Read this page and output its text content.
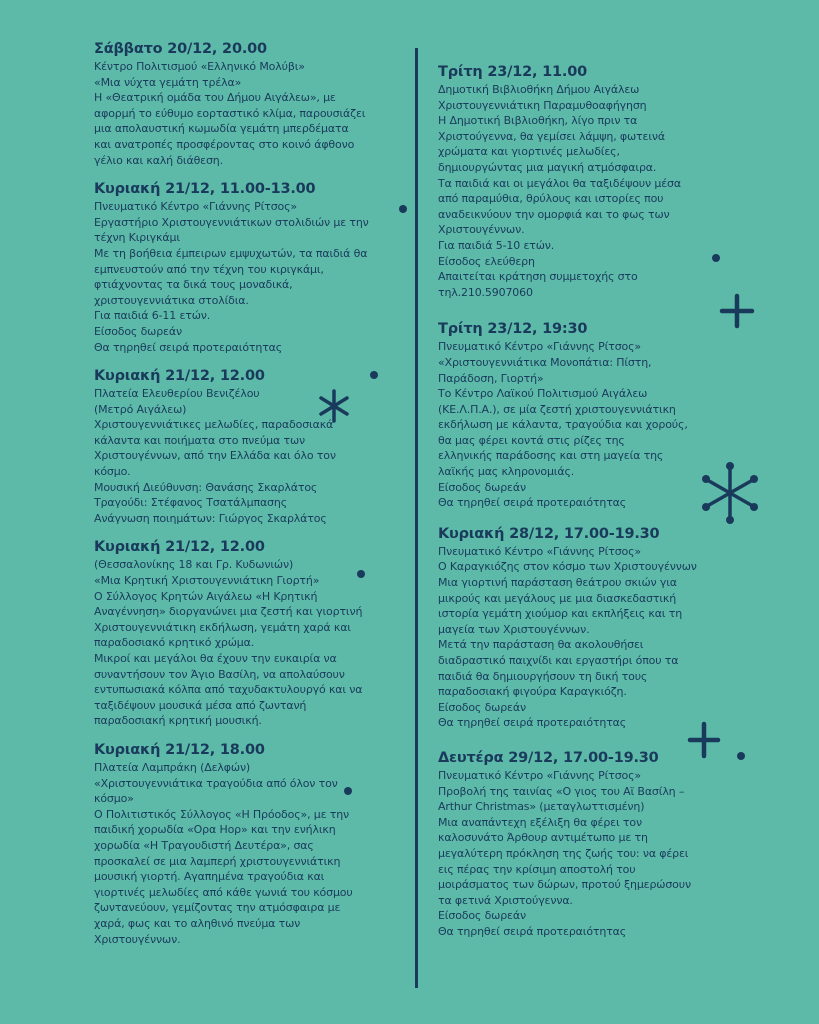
Σάββατο 20/12, 20.00
Κέντρο Πολιτισμού «Ελληνικό Μολύβι»
«Μια νύχτα γεμάτη τρέλα»
Η «Θεατρική ομάδα του Δήμου Αιγάλεω», με
αφορμή το εύθυμο εορταστικό κλίμα, παρουσιάζει
μια απολαυστική κωμωδία γεμάτη μπερδέματα
και ανατροπές προσφέροντας στο κοινό άφθονο
γέλιο και καλή διάθεση.
Κυριακή 21/12, 11.00-13.00
Πνευματικό Κέντρο «Γιάννης Ρίτσος»
Εργαστήριο Χριστουγεννιάτικων στολιδιών με την
τέχνη Κιριγκάμι
Με τη βοήθεια έμπειρων εμψυχωτών, τα παιδιά θα
εμπνευστούν από την τέχνη του κιριγκάμι,
φτιάχνοντας τα δικά τους μοναδικά,
χριστουγεννιάτικα στολίδια.
Για παιδιά 6-11 ετών.
Είσοδος δωρεάν
Θα τηρηθεί σειρά προτεραιότητας
Κυριακή 21/12, 12.00
Πλατεία Ελευθερίου Βενιζέλου
(Μετρό Αιγάλεω)
Χριστουγεννιάτικες μελωδίες, παραδοσιακά
κάλαντα και ποιήματα στο πνεύμα των
Χριστουγέννων, από την Ελλάδα και όλο τον
κόσμο.
Μουσική Διεύθυνση: Θανάσης Σκαρλάτος
Τραγούδι: Στέφανος Τσατάλμπασης
Ανάγνωση ποιημάτων: Γιώργος Σκαρλάτος
Κυριακή 21/12, 12.00
(Θεσσαλονίκης 18 και Γρ. Κυδωνιών)
«Μια Κρητική Χριστουγεννιάτικη Γιορτή»
Ο Σύλλογος Κρητών Αιγάλεω «Η Κρητική
Αναγέννηση» διοργανώνει μια ζεστή και γιορτινή
Χριστουγεννιάτικη εκδήλωση, γεμάτη χαρά και
παραδοσιακό κρητικό χρώμα.
Μικροί και μεγάλοι θα έχουν την ευκαιρία να
συναντήσουν τον Άγιο Βασίλη, να απολαύσουν
εντυπωσιακά κόλπα από ταχυδακτυλουργό και να
ταξιδέψουν μουσικά μέσα από ζωντανή
παραδοσιακή κρητική μουσική.
Κυριακή 21/12, 18.00
Πλατεία Λαμπράκη (Δελφών)
«Χριστουγεννιάτικα τραγούδια από όλον τον
κόσμο»
Ο Πολιτιστικός Σύλλογος «Η Πρόοδος», με την
παιδική χορωδία «Ορα Ηορ» και την ενήλικη
χορωδία «Η Τραγουδιστή Δευτέρα», σας
προσκαλεί σε μια λαμπερή χριστουγεννιάτικη
μουσική γιορτή. Αγαπημένα τραγούδια και
γιορτινές μελωδίες από κάθε γωνιά του κόσμου
ζωντανεύουν, γεμίζοντας την ατμόσφαιρα με
χαρά, φως και το αληθινό πνεύμα των
Χριστουγέννων.
Τρίτη 23/12, 11.00
Δημοτική Βιβλιοθήκη Δήμου Αιγάλεω
Χριστουγεννιάτικη Παραμυθοαφήγηση
Η Δημοτική Βιβλιοθήκη, λίγο πριν τα
Χριστούγεννα, θα γεμίσει λάμψη, φωτεινά
χρώματα και γιορτινές μελωδίες,
δημιουργώντας μια μαγική ατμόσφαιρα.
Τα παιδιά και οι μεγάλοι θα ταξιδέψουν μέσα
από παραμύθια, θρύλους και ιστορίες που
αναδεικνύουν την ομορφιά και το φως των
Χριστουγέννων.
Για παιδιά 5-10 ετών.
Είσοδος ελεύθερη
Απαιτείται κράτηση συμμετοχής στο
τηλ.210.5907060
Τρίτη 23/12, 19:30
Πνευματικό Κέντρο «Γιάννης Ρίτσος»
«Χριστουγεννιάτικα Μονοπάτια: Πίστη,
Παράδοση, Γιορτή»
Το Κέντρο Λαϊκού Πολιτισμού Αιγάλεω
(ΚΕ.Λ.Π.Α.), σε μία ζεστή χριστουγεννιάτικη
εκδήλωση με κάλαντα, τραγούδια και χορούς,
θα μας φέρει κοντά στις ρίζες της
ελληνικής παράδοσης και στη μαγεία της
λαϊκής μας κληρονομιάς.
Είσοδος δωρεάν
Θα τηρηθεί σειρά προτεραιότητας
Κυριακή 28/12, 17.00-19.30
Πνευματικό Κέντρο «Γιάννης Ρίτσος»
Ο Καραγκιόζης στον κόσμο των Χριστουγέννων
Μια γιορτινή παράσταση θεάτρου σκιών για
μικρούς και μεγάλους με μια διασκεδαστική
ιστορία γεμάτη χιούμορ και εκπλήξεις και τη
μαγεία των Χριστουγέννων.
Μετά την παράσταση θα ακολουθήσει
διαδραστικό παιχνίδι και εργαστήρι όπου τα
παιδιά θα δημιουργήσουν τη δική τους
παραδοσιακή φιγούρα Καραγκιόζη.
Είσοδος δωρεάν
Θα τηρηθεί σειρά προτεραιότητας
Δευτέρα 29/12, 17.00-19.30
Πνευματικό Κέντρο «Γιάννης Ρίτσος»
Προβολή της ταινίας «Ο γιος του Αϊ Βασίλη –
Arthur Christmas» (μεταγλωττισμένη)
Μια αναπάντεχη εξέλιξη θα φέρει τον
καλοσυνάτο Άρθουρ αντιμέτωπο με τη
μεγαλύτερη πρόκληση της ζωής του: να φέρει
εις πέρας την κρίσιμη αποστολή του
μοιράσματος των δώρων, προτού ξημερώσουν
τα φετινά Χριστούγεννα.
Είσοδος δωρεάν
Θα τηρηθεί σειρά προτεραιότητας
